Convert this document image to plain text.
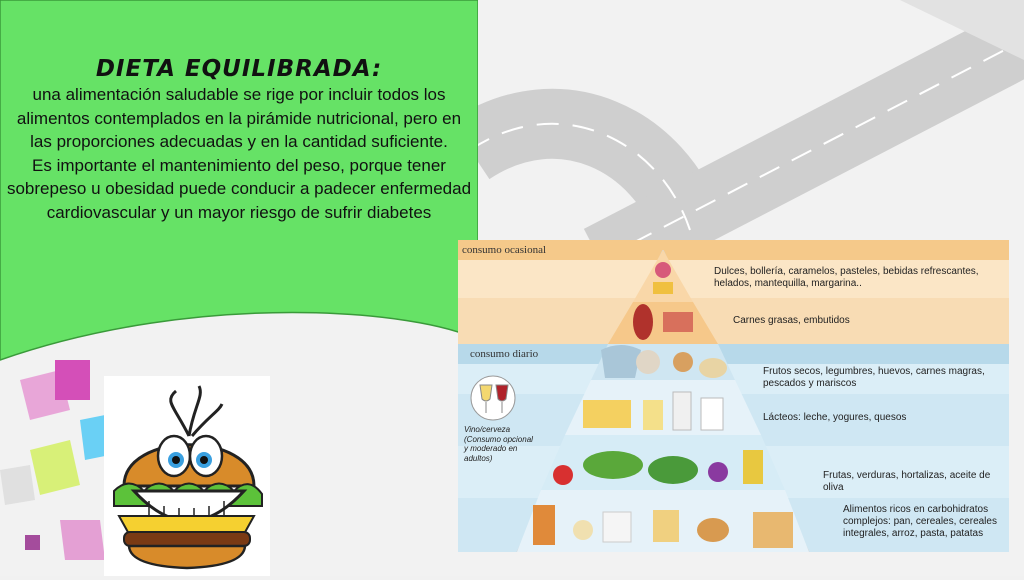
DIETA EQUILIBRADA:

una alimentación saludable se rige por incluir todos los alimentos contemplados en la pirámide nutricional, pero en las proporciones adecuadas y en la cantidad suficiente.

Es importante el mantenimiento del peso, porque tener sobrepeso u obesidad puede conducir a padecer enfermedad cardiovascular y un mayor riesgo de sufrir diabetes

consumo ocasional
consumo diario
Vino/cerveza (Consumo opcional y moderado en adultos)
Dulces, bollería, caramelos, pasteles, bebidas refrescantes, helados, mantequilla, margarina..
Carnes grasas, embutidos
Frutos secos, legumbres, huevos, carnes magras, pescados y mariscos
Lácteos: leche, yogures, quesos
Frutas, verduras, hortalizas, aceite de oliva
Alimentos ricos en carbohidratos complejos: pan, cereales, cereales integrales, arroz, pasta, patatas
